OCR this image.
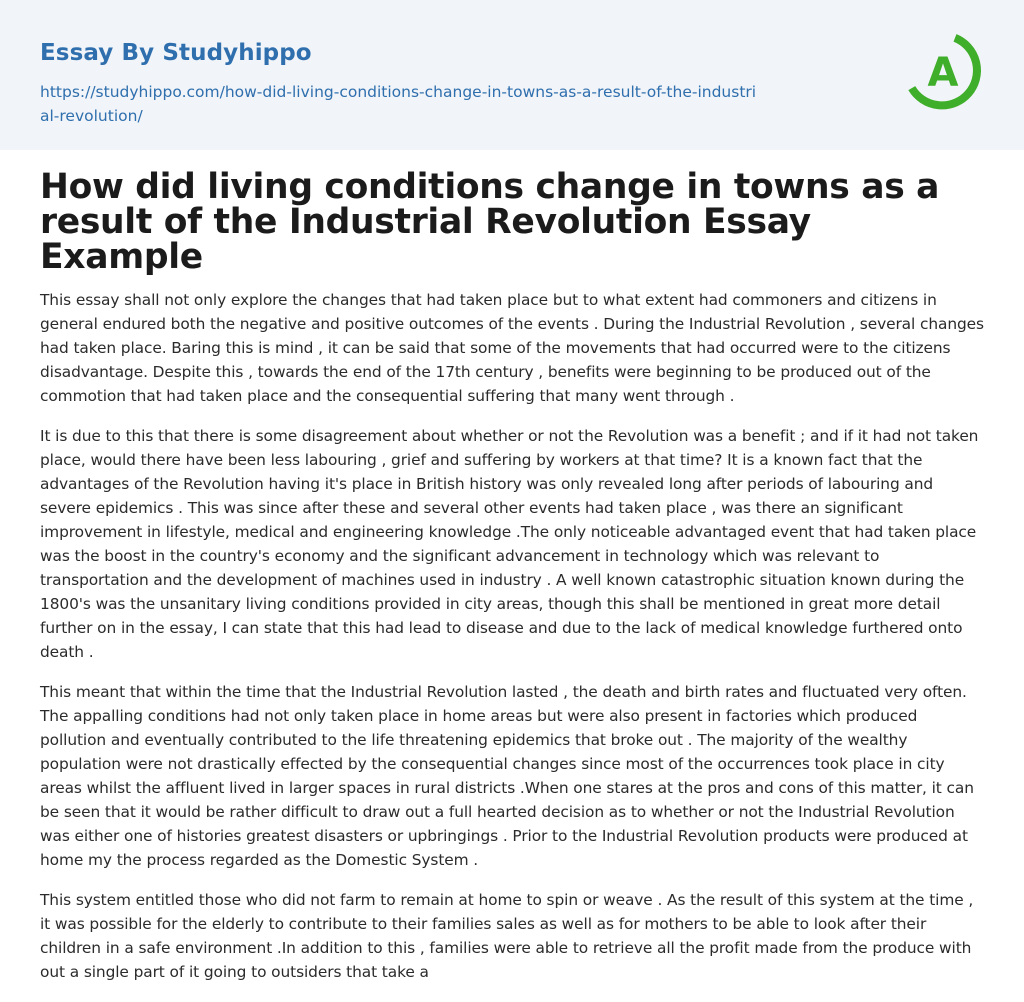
Essay By Studyhippo
https://studyhippo.com/how-did-living-conditions-change-in-towns-as-a-result-of-the-industrial-revolution/
A
How did living conditions change in towns as a result of the Industrial Revolution Essay Example

This essay shall not only explore the changes that had taken place but to what extent had commoners and citizens in general endured both the negative and positive outcomes of the events . During the Industrial Revolution , several changes had taken place. Baring this is mind , it can be said that some of the movements that had occurred were to the citizens disadvantage. Despite this , towards the end of the 17th century , benefits were beginning to be produced out of the commotion that had taken place and the consequential suffering that many went through .

It is due to this that there is some disagreement about whether or not the Revolution was a benefit ; and if it had not taken place, would there have been less labouring , grief and suffering by workers at that time? It is a known fact that the advantages of the Revolution having it's place in British history was only revealed long after periods of labouring and severe epidemics . This was since after these and several other events had taken place , was there an significant improvement in lifestyle, medical and engineering knowledge .The only noticeable advantaged event that had taken place was the boost in the country's economy and the significant advancement in technology which was relevant to transportation and the development of machines used in industry . A well known catastrophic situation known during the 1800's was the unsanitary living conditions provided in city areas, though this shall be mentioned in great more detail further on in the essay, I can state that this had lead to disease and due to the lack of medical knowledge furthered onto death .

This meant that within the time that the Industrial Revolution lasted , the death and birth rates and fluctuated very often. The appalling conditions had not only taken place in home areas but were also present in factories which produced pollution and eventually contributed to the life threatening epidemics that broke out . The majority of the wealthy population were not drastically effected by the consequential changes since most of the occurrences took place in city areas whilst the affluent lived in larger spaces in rural districts .When one stares at the pros and cons of this matter, it can be seen that it would be rather difficult to draw out a full hearted decision as to whether or not the Industrial Revolution was either one of histories greatest disasters or upbringings . Prior to the Industrial Revolution products were produced at home my the process regarded as the Domestic System .

This system entitled those who did not farm to remain at home to spin or weave . As the result of this system at the time , it was possible for the elderly to contribute to their families sales as well as for mothers to be able to look after their children in a safe environment .In addition to this , families were able to retrieve all the profit made from the produce with out a single part of it going to outsiders that take a
